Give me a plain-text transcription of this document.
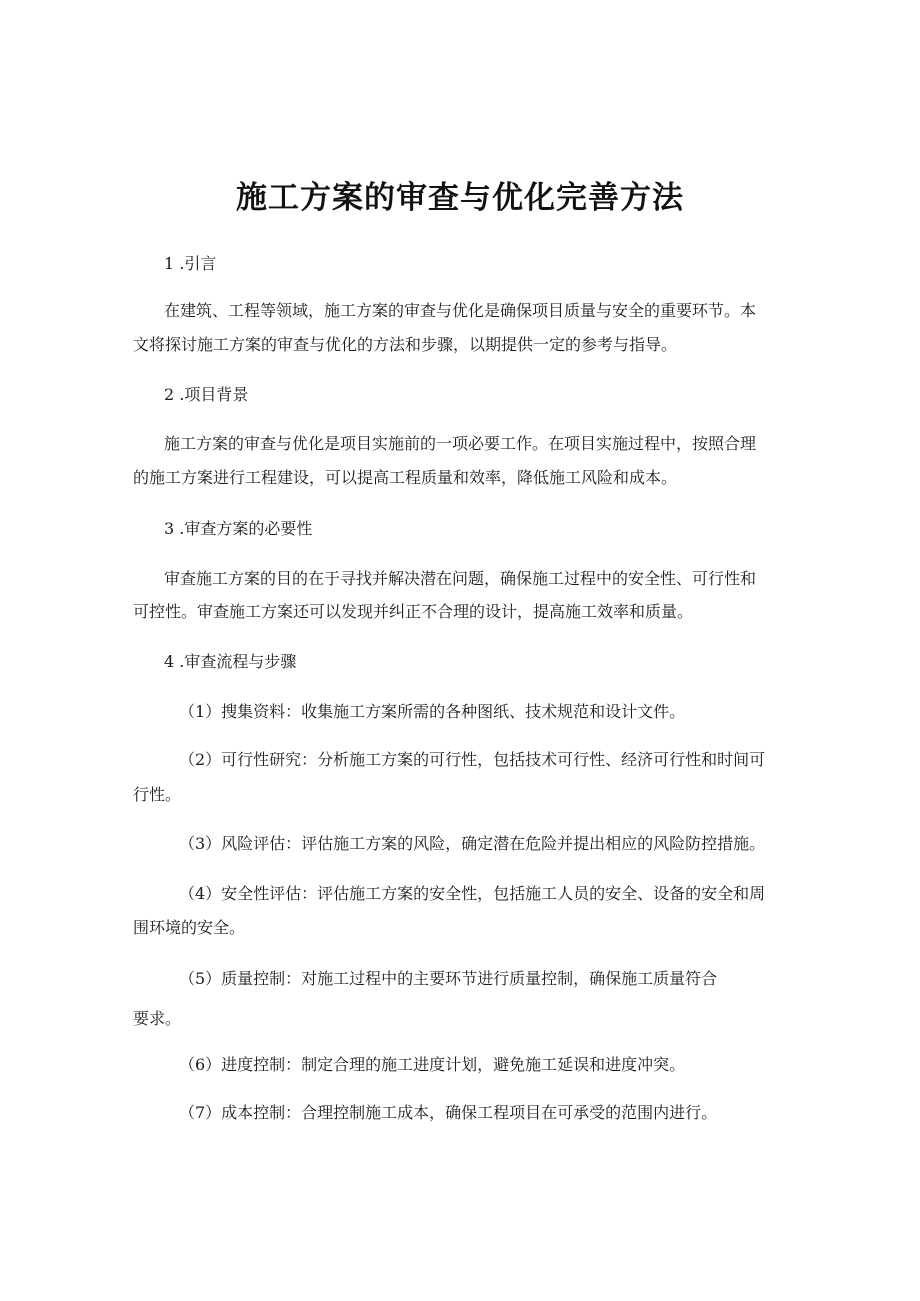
施工方案的审查与优化完善方法

1 .引言

在建筑、工程等领域，施工方案的审查与优化是确保项目质量与安全的重要环节。本

文将探讨施工方案的审查与优化的方法和步骤，以期提供一定的参考与指导。

2 .项目背景

施工方案的审查与优化是项目实施前的一项必要工作。在项目实施过程中，按照合理

的施工方案进行工程建设，可以提高工程质量和效率，降低施工风险和成本。

3 .审查方案的必要性

审查施工方案的目的在于寻找并解决潜在问题，确保施工过程中的安全性、可行性和

可控性。审查施工方案还可以发现并纠正不合理的设计，提高施工效率和质量。

4 .审查流程与步骤

（1）搜集资料：收集施工方案所需的各种图纸、技术规范和设计文件。

（2）可行性研究：分析施工方案的可行性，包括技术可行性、经济可行性和时间可

行性。

（3）风险评估：评估施工方案的风险，确定潜在危险并提出相应的风险防控措施。

（4）安全性评估：评估施工方案的安全性，包括施工人员的安全、设备的安全和周

围环境的安全。

（5）质量控制：对施工过程中的主要环节进行质量控制，确保施工质量符合

要求。

（6）进度控制：制定合理的施工进度计划，避免施工延误和进度冲突。

（7）成本控制：合理控制施工成本，确保工程项目在可承受的范围内进行。
